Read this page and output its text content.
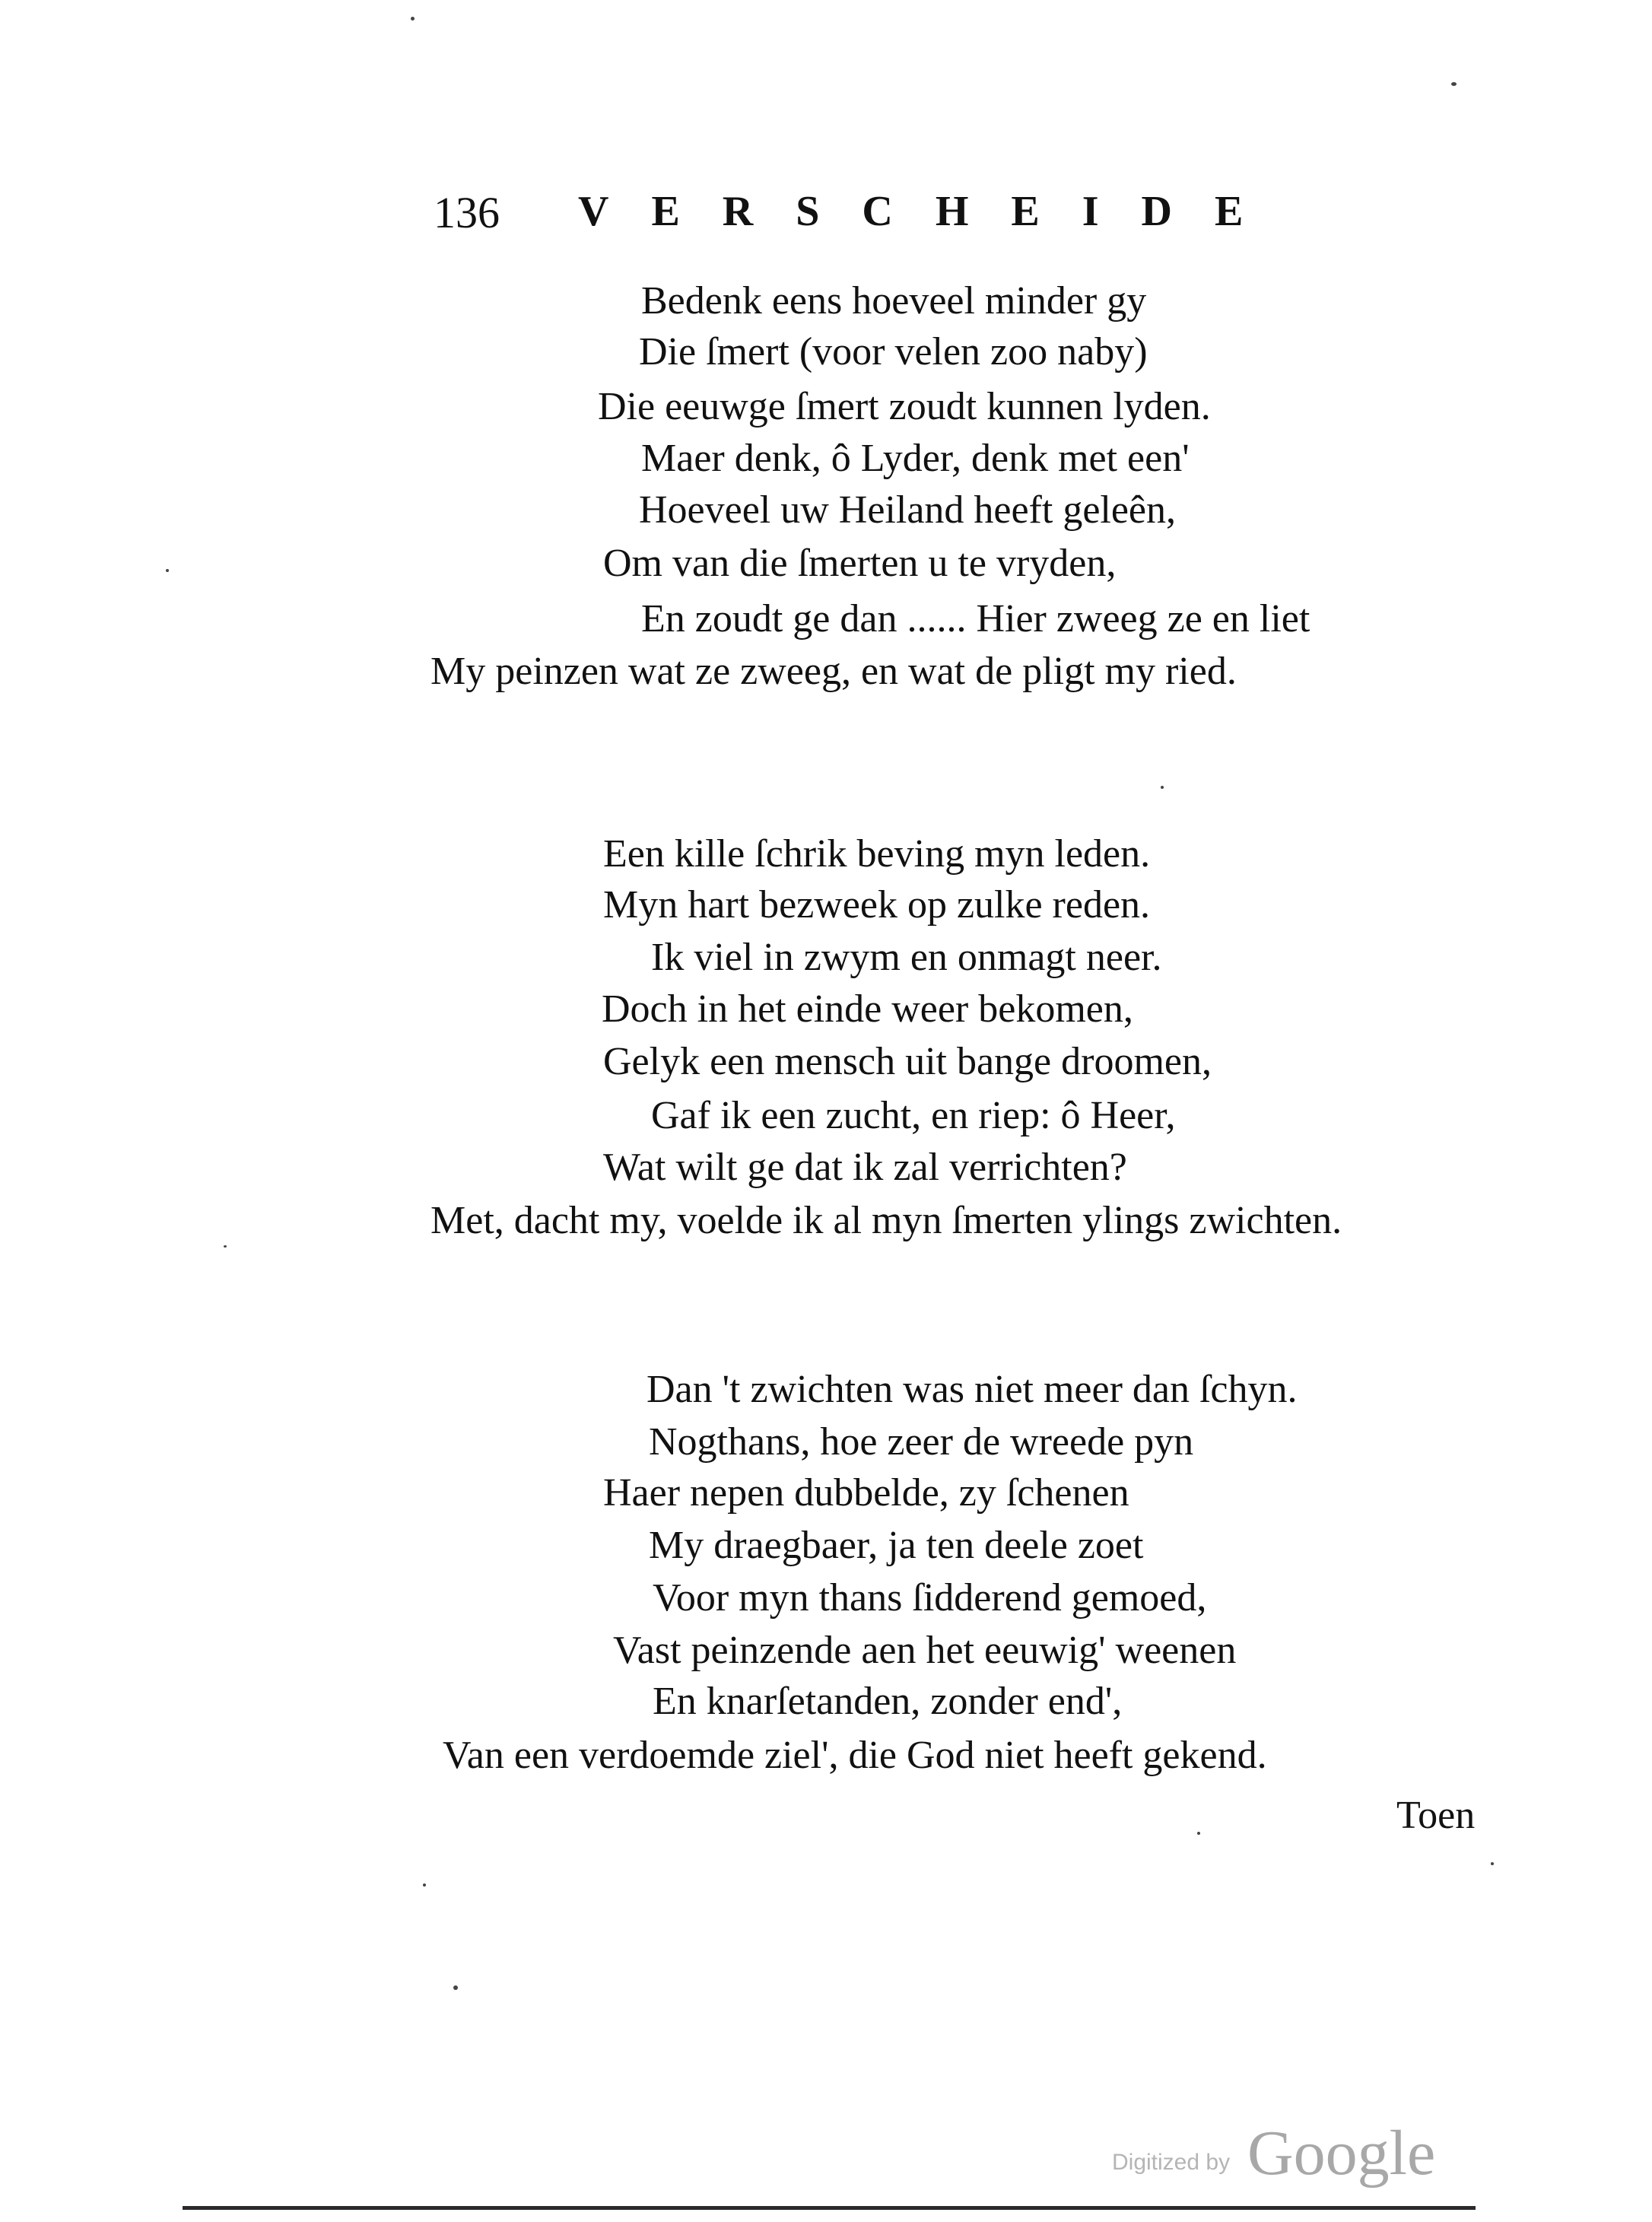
136 VERSCHEIDE
Bedenk eens hoeveel minder gy
Die ſmert (voor velen zoo naby)
Die eeuwge ſmert zoudt kunnen lyden.
Maer denk, ô Lyder, denk met een'
Hoeveel uw Heiland heeft geleên,
Om van die ſmerten u te vryden,
En zoudt ge dan ...... Hier zweeg ze en liet
My peinzen wat ze zweeg, en wat de pligt my ried.
Een kille ſchrik beving myn leden.
Myn hart bezweek op zulke reden.
Ik viel in zwym en onmagt neer.
Doch in het einde weer bekomen,
Gelyk een mensch uit bange droomen,
Gaf ik een zucht, en riep: ô Heer,
Wat wilt ge dat ik zal verrichten?
Met, dacht my, voelde ik al myn ſmerten ylings zwichten.
Dan 't zwichten was niet meer dan ſchyn.
Nogthans, hoe zeer de wreede pyn
Haer nepen dubbelde, zy ſchenen
My draegbaer, ja ten deele zoet
Voor myn thans ſidderend gemoed,
Vast peinzende aen het eeuwig' weenen
En knarſetanden, zonder end',
Van een verdoemde ziel', die God niet heeft gekend.
Toen
Digitized by Google
